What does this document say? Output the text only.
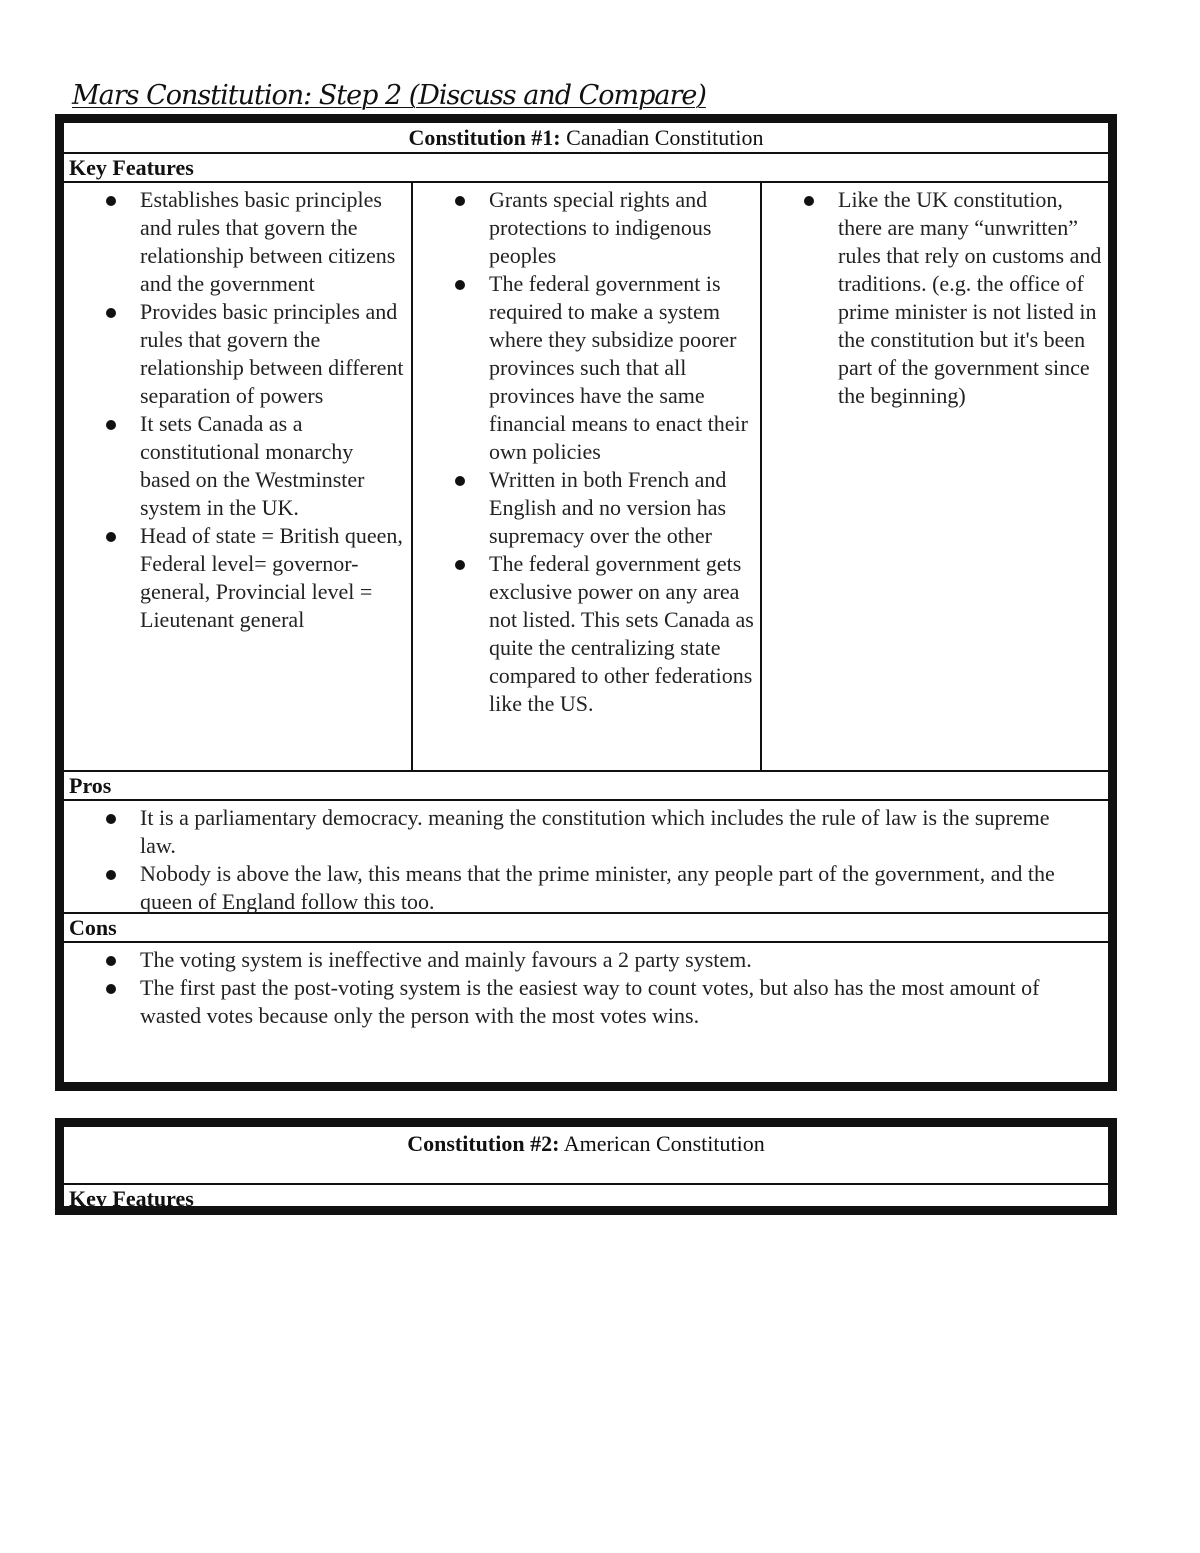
Mars Constitution: Step 2 (Discuss and Compare)
Constitution #1: Canadian Constitution
Key Features
Establishes basic principles and rules that govern the relationship between citizens and the government
Provides basic principles and rules that govern the relationship between different separation of powers
It sets Canada as a constitutional monarchy based on the Westminster system in the UK.
Head of state = British queen, Federal level= governor-general, Provincial level = Lieutenant general
Grants special rights and protections to indigenous peoples
The federal government is required to make a system where they subsidize poorer provinces such that all provinces have the same financial means to enact their own policies
Written in both French and English and no version has supremacy over the other
The federal government gets exclusive power on any area not listed. This sets Canada as quite the centralizing state compared to other federations like the US.
Like the UK constitution, there are many “unwritten” rules that rely on customs and traditions. (e.g. the office of prime minister is not listed in the constitution but it's been part of the government since the beginning)
Pros
It is a parliamentary democracy. meaning the constitution which includes the rule of law is the supreme law.
Nobody is above the law, this means that the prime minister, any people part of the government, and the queen of England follow this too.
Cons
The voting system is ineffective and mainly favours a 2 party system.
The first past the post-voting system is the easiest way to count votes, but also has the most amount of wasted votes because only the person with the most votes wins.
Constitution #2: American Constitution
Key Features
